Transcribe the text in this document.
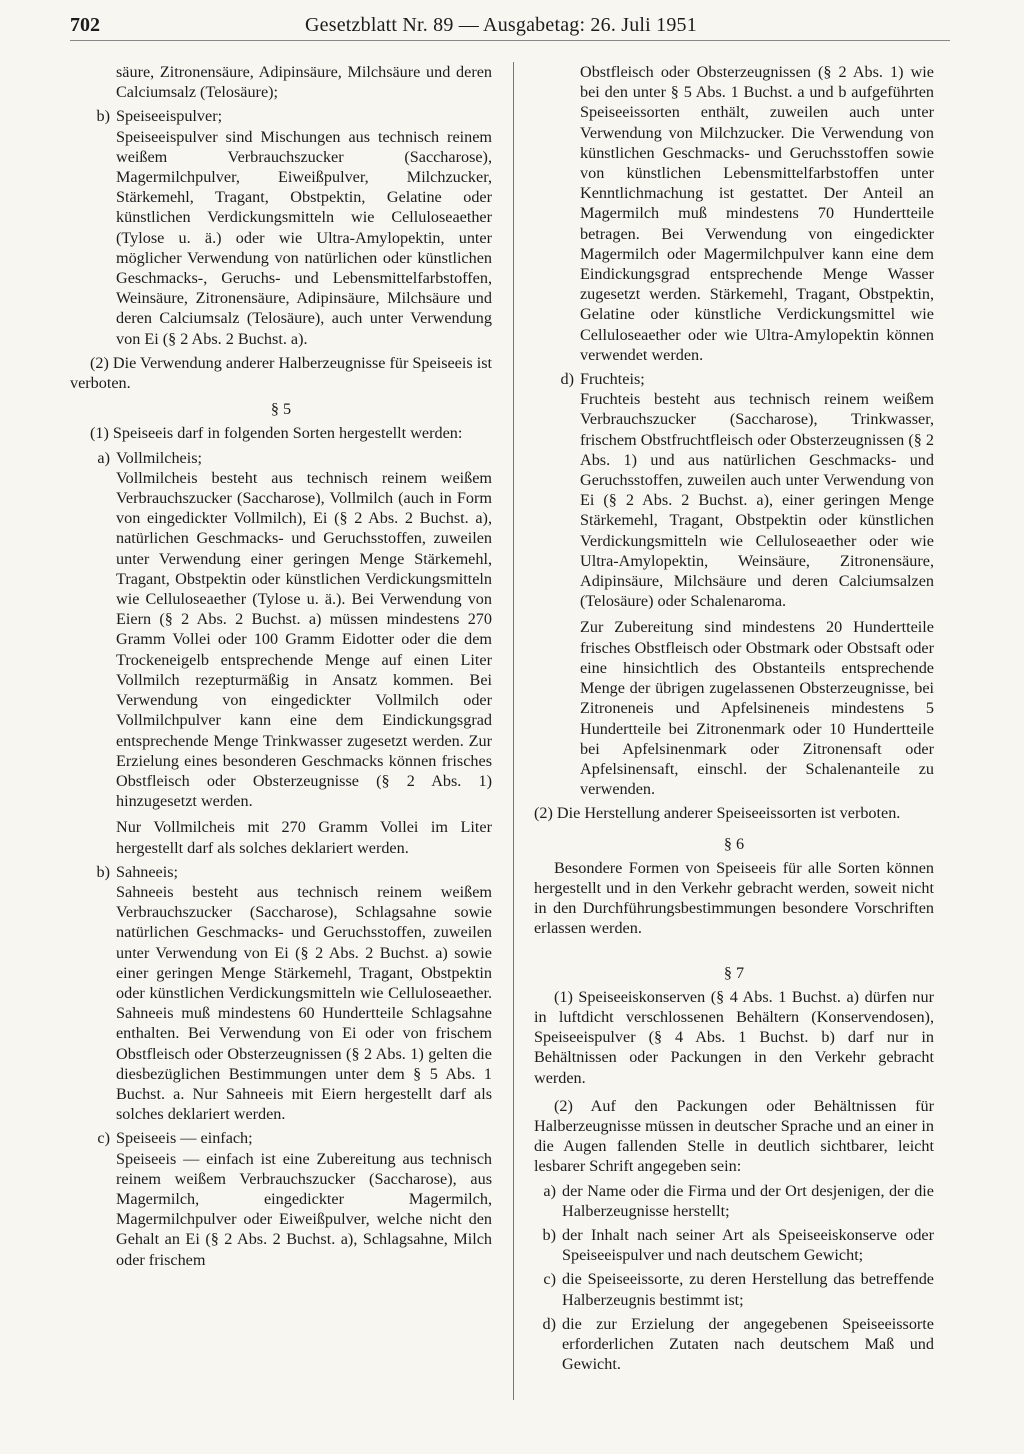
702	Gesetzblatt Nr. 89 — Ausgabetag: 26. Juli 1951

säure, Zitronensäure, Adipinsäure, Milchsäure und deren Calciumsalz (Telosäure);

b) Speiseeispulver;
Speiseeispulver sind Mischungen aus technisch reinem weißem Verbrauchszucker (Saccharose), Magermilchpulver, Eiweißpulver, Milchzucker, Stärkemehl, Tragant, Obstpektin, Gelatine oder künstlichen Verdickungsmitteln wie Celluloseaether (Tylose u. ä.) oder wie Ultra-Amylopektin, unter möglicher Verwendung von natürlichen oder künstlichen Geschmacks-, Geruchs- und Lebensmittelfarbstoffen, Weinsäure, Zitronensäure, Adipinsäure, Milchsäure und deren Calciumsalz (Telosäure), auch unter Verwendung von Ei (§ 2 Abs. 2 Buchst. a).

(2) Die Verwendung anderer Halberzeugnisse für Speiseeis ist verboten.

§ 5

(1) Speiseeis darf in folgenden Sorten hergestellt werden:

a) Vollmilcheis;
Vollmilcheis besteht aus technisch reinem weißem Verbrauchszucker (Saccharose), Vollmilch (auch in Form von eingedickter Vollmilch), Ei (§ 2 Abs. 2 Buchst. a), natürlichen Geschmacks- und Geruchsstoffen, zuweilen unter Verwendung einer geringen Menge Stärkemehl, Tragant, Obstpektin oder künstlichen Verdickungsmitteln wie Celluloseaether (Tylose u. ä.). Bei Verwendung von Eiern (§ 2 Abs. 2 Buchst. a) müssen mindestens 270 Gramm Vollei oder 100 Gramm Eidotter oder die dem Trockeneigelb entsprechende Menge auf einen Liter Vollmilch rezepturmäßig in Ansatz kommen. Bei Verwendung von eingedickter Vollmilch oder Vollmilchpulver kann eine dem Eindickungsgrad entsprechende Menge Trinkwasser zugesetzt werden. Zur Erzielung eines besonderen Geschmacks können frisches Obstfleisch oder Obsterzeugnisse (§ 2 Abs. 1) hinzugesetzt werden.
Nur Vollmilcheis mit 270 Gramm Vollei im Liter hergestellt darf als solches deklariert werden.
b) Sahneeis;
Sahneeis besteht aus technisch reinem weißem Verbrauchszucker (Saccharose), Schlagsahne sowie natürlichen Geschmacks- und Geruchsstoffen, zuweilen unter Verwendung von Ei (§ 2 Abs. 2 Buchst. a) sowie einer geringen Menge Stärkemehl, Tragant, Obstpektin oder künstlichen Verdickungsmitteln wie Celluloseaether. Sahneeis muß mindestens 60 Hundertteile Schlagsahne enthalten. Bei Verwendung von Ei oder von frischem Obstfleisch oder Obsterzeugnissen (§ 2 Abs. 1) gelten die diesbezüglichen Bestimmungen unter dem § 5 Abs. 1 Buchst. a. Nur Sahneeis mit Eiern hergestellt darf als solches deklariert werden.
c) Speiseeis — einfach;
Speiseeis — einfach ist eine Zubereitung aus technisch reinem weißem Verbrauchszucker (Saccharose), aus Magermilch, eingedickter Magermilch, Magermilchpulver oder Eiweißpulver, welche nicht den Gehalt an Ei (§ 2 Abs. 2 Buchst. a), Schlagsahne, Milch oder frischem

Obstfleisch oder Obsterzeugnissen (§ 2 Abs. 1) wie bei den unter § 5 Abs. 1 Buchst. a und b aufgeführten Speiseeissorten enthält, zuweilen auch unter Verwendung von Milchzucker. Die Verwendung von künstlichen Geschmacks- und Geruchsstoffen sowie von künstlichen Lebensmittelfarbstoffen unter Kenntlichmachung ist gestattet. Der Anteil an Magermilch muß mindestens 70 Hundertteile betragen. Bei Verwendung von eingedickter Magermilch oder Magermilchpulver kann eine dem Eindickungsgrad entsprechende Menge Wasser zugesetzt werden. Stärkemehl, Tragant, Obstpektin, Gelatine oder künstliche Verdickungsmittel wie Celluloseaether oder wie Ultra-Amylopektin können verwendet werden.

d) Fruchteis;
Fruchteis besteht aus technisch reinem weißem Verbrauchszucker (Saccharose), Trinkwasser, frischem Obstfruchtfleisch oder Obsterzeugnissen (§ 2 Abs. 1) und aus natürlichen Geschmacks- und Geruchsstoffen, zuweilen auch unter Verwendung von Ei (§ 2 Abs. 2 Buchst. a), einer geringen Menge Stärkemehl, Tragant, Obstpektin oder künstlichen Verdickungsmitteln wie Celluloseaether oder wie Ultra-Amylopektin, Weinsäure, Zitronensäure, Adipinsäure, Milchsäure und deren Calciumsalzen (Telosäure) oder Schalenaroma.
Zur Zubereitung sind mindestens 20 Hundertteile frisches Obstfleisch oder Obstmark oder Obstsaft oder eine hinsichtlich des Obstanteils entsprechende Menge der übrigen zugelassenen Obsterzeugnisse, bei Zitroneneis und Apfelsineneis mindestens 5 Hundertteile bei Zitronenmark oder 10 Hundertteile bei Apfelsinenmark oder Zitronensaft oder Apfelsinensaft, einschl. der Schalenanteile zu verwenden.

(2) Die Herstellung anderer Speiseeissorten ist verboten.

§ 6

Besondere Formen von Speiseeis für alle Sorten können hergestellt und in den Verkehr gebracht werden, soweit nicht in den Durchführungsbestimmungen besondere Vorschriften erlassen werden.

§ 7

(1) Speiseeiskonserven (§ 4 Abs. 1 Buchst. a) dürfen nur in luftdicht verschlossenen Behältern (Konservendosen), Speiseeispulver (§ 4 Abs. 1 Buchst. b) darf nur in Behältnissen oder Packungen in den Verkehr gebracht werden.

(2) Auf den Packungen oder Behältnissen für Halberzeugnisse müssen in deutscher Sprache und an einer in die Augen fallenden Stelle in deutlich sichtbarer, leicht lesbarer Schrift angegeben sein:

a) der Name oder die Firma und der Ort desjenigen, der die Halberzeugnisse herstellt;
b) der Inhalt nach seiner Art als Speiseeiskonserve oder Speiseeispulver und nach deutschem Gewicht;
c) die Speiseeissorte, zu deren Herstellung das betreffende Halberzeugnis bestimmt ist;
d) die zur Erzielung der angegebenen Speiseeissorte erforderlichen Zutaten nach deutschem Maß und Gewicht.
